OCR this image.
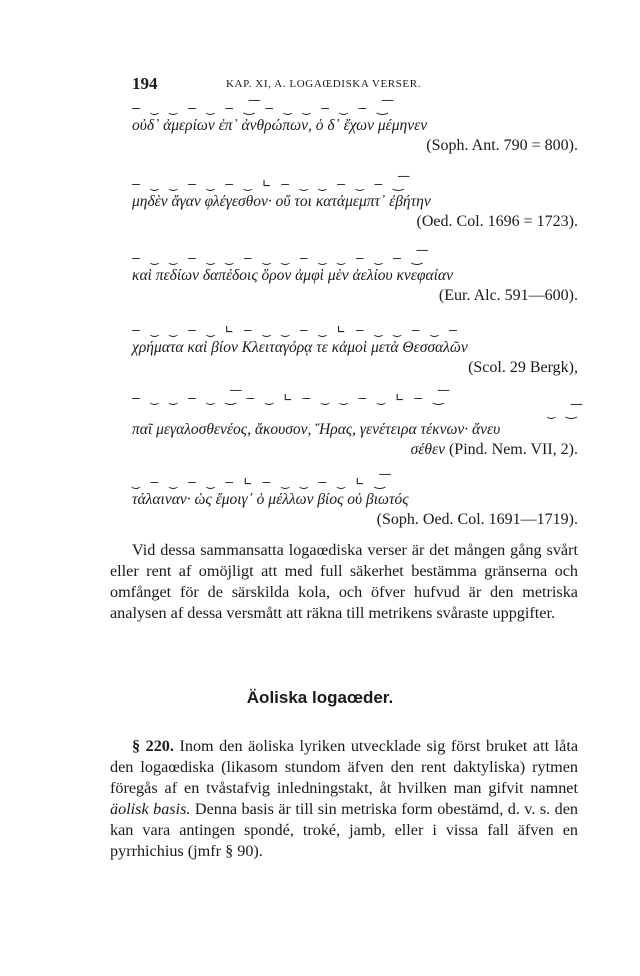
194	KAP. XI, A. LOGAŒDISKA VERSER.
— ‿ ‿ — ‿ — ‿͞ — ‿ ‿ — ‿ — ‿͞
οὐδ᾽ ἀμερίων ἐπ᾽ ἀνθρώπων, ὁ δ᾽ ἔχων μέμηνεν
(Soph. Ant. 790 = 800).
— ‿ ‿ — ‿ — ‿ ∟ — ‿ ‿ — ‿ — ‿͞
μηδὲν ἄγαν φλέγεσθον· οὔ τοι κατάμεμπτ᾽ ἐβήτην
(Oed. Col. 1696 = 1723).
— ‿ ‿ — ‿ ‿ — ‿ ‿ — ‿ ‿ — ‿ — ‿͞
καὶ πεδίων δαπέδοις ὅρον ἀμφὶ μὲν ἀελίου κνεφαίαν
(Eur. Alc. 591—600).
— ‿ ‿ — ‿ ∟ — ‿ ‿ — ‿ ∟ — ‿ ‿ — ‿ —
χρήματα καὶ βίον Κλειταγόρᾳ τε κἀμοὶ μετὰ Θεσσαλῶν
(Scol. 29 Bergk),
— ‿ ‿ — ‿ ‿͞ — ‿ ∟ — ‿ ‿ — ‿ ∟ — ‿͞
‿ ‿͞
παῖ μεγαλοσθενέος, ἄκουσον, Ἥρας, γενέτειρα τέκνων· ἄνευ
σέθεν (Pind. Nem. VII, 2).
‿ — ‿ — ‿ — ∟ — ‿ ‿ — ‿ ∟ ‿͞
τάλαιναν· ὡς ἔμοιγ᾽ ὁ μέλλων βίος οὐ βιωτός
(Soph. Oed. Col. 1691—1719).

Vid dessa sammansatta logaœdiska verser är det mången gång svårt eller rent af omöjligt att med full säkerhet bestämma gränserna och omfånget för de särskilda kola, och öfver hufvud är den metriska analysen af dessa versmått att räkna till metrikens svåraste uppgifter.

Äoliska logaœder.

§ 220. Inom den äoliska lyriken utvecklade sig först bruket att låta den logaœdiska (likasom stundom äfven den rent daktyliska) rytmen föregås af en tvåstafvig inledningstakt, åt hvilken man gifvit namnet äolisk basis. Denna basis är till sin metriska form obestämd, d. v. s. den kan vara antingen spondé, troké, jamb, eller i vissa fall äfven en pyrrhichius (jmfr § 90).
